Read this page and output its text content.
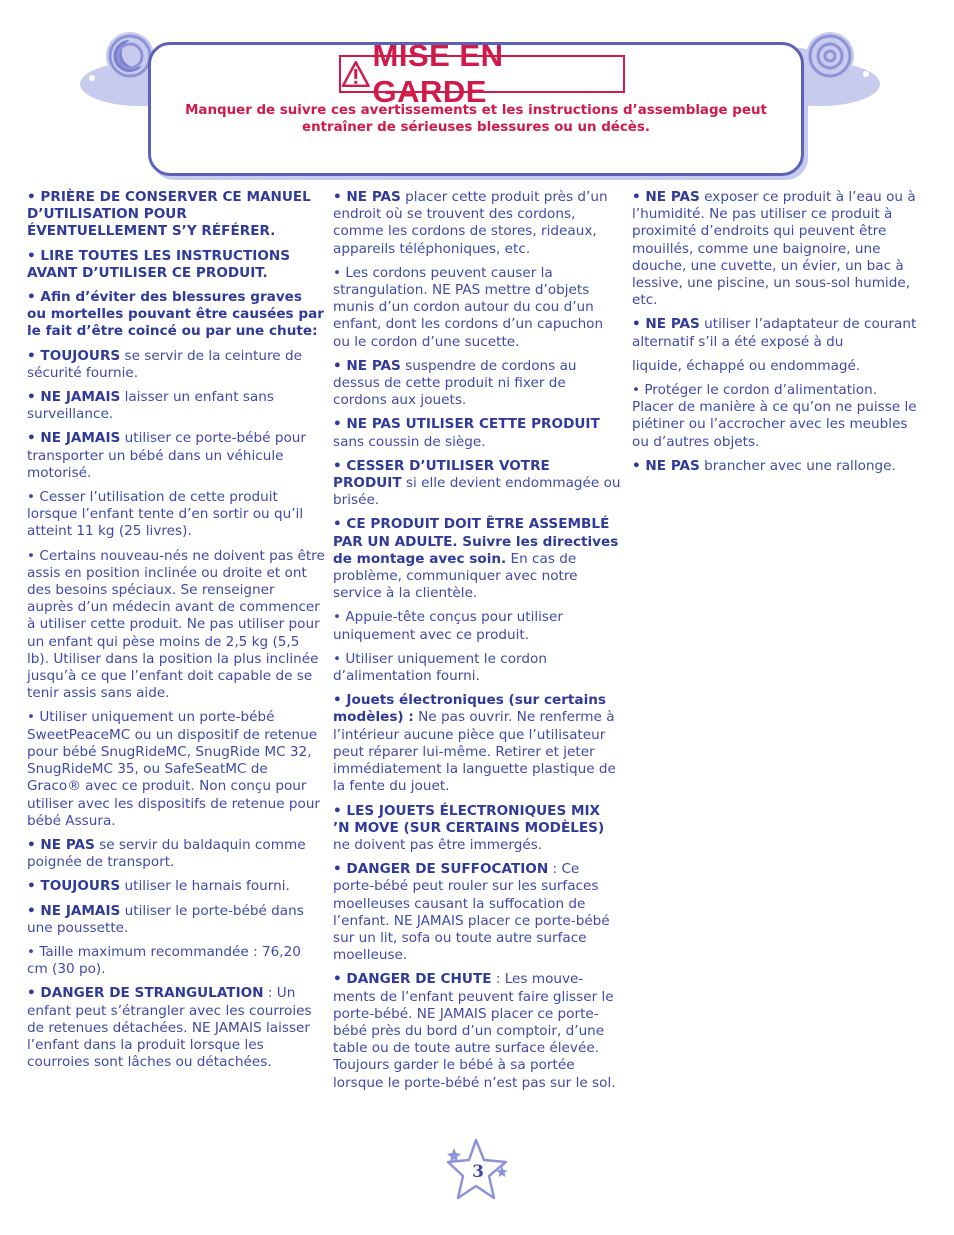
MISE EN GARDE
Manquer de suivre ces avertissements et les instructions d’assemblage peut
entraîner de sérieuses blessures ou un décès.
• PRIÈRE DE CONSERVER CE MANUEL D’UTILISATION POUR ÉVENTUELLEMENT S’Y RÉFÉRER.
• LIRE TOUTES LES INSTRUCTIONS AVANT D’UTILISER CE PRODUIT.
• Afin d’éviter des blessures graves ou mortelles pouvant être causées par le fait d’être coincé ou par une chute:
• TOUJOURS se servir de la ceinture de sécurité fournie.
• NE JAMAIS laisser un enfant sans surveillance.
• NE JAMAIS utiliser ce porte-bébé pour transporter un bébé dans un véhicule motorisé.
• Cesser l’utilisation de cette produit lorsque l’enfant tente d’en sortir ou qu’il atteint 11 kg (25 livres).
• Certains nouveau-nés ne doivent pas être assis en position inclinée ou droite et ont des besoins spéciaux. Se renseigner auprès d’un médecin avant de commencer à utiliser cette produit. Ne pas utiliser pour un enfant qui pèse moins de 2,5 kg (5,5 lb). Utiliser dans la position la plus inclinée jusqu’à ce que l’enfant doit capable de se tenir assis sans aide.
• Utiliser uniquement un porte-bébé SweetPeaceMC ou un dispositif de retenue pour bébé SnugRideMC, SnugRide MC 32, SnugRideMC 35, ou SafeSeatMC de Graco® avec ce produit. Non conçu pour utiliser avec les dispositifs de retenue pour bébé Assura.
• NE PAS se servir du baldaquin comme poignée de transport.
• TOUJOURS utiliser le harnais fourni.
• NE JAMAIS utiliser le porte-bébé dans une poussette.
• Taille maximum recommandée : 76,20 cm (30 po).
• DANGER DE STRANGULATION : Un enfant peut s’étrangler avec les courroies de retenues détachées. NE JAMAIS laisser l’enfant dans la produit lorsque les courroies sont lâches ou détachées.
• NE PAS placer cette produit près d’un endroit où se trouvent des cordons, comme les cordons de stores, rideaux, appareils téléphoniques, etc.
• Les cordons peuvent causer la strangulation. NE PAS mettre d’objets munis d’un cordon autour du cou d’un enfant, dont les cordons d’un capuchon ou le cordon d’une sucette.
• NE PAS suspendre de cordons au dessus de cette produit ni fixer de cordons aux jouets.
• NE PAS UTILISER CETTE PRODUIT sans coussin de siège.
• CESSER D’UTILISER VOTRE PRODUIT si elle devient endommagée ou brisée.
• CE PRODUIT DOIT ÊTRE ASSEMBLÉ PAR UN ADULTE. Suivre les directives de montage avec soin. En cas de problème, communiquer avec notre service à la clientèle.
• Appuie-tête conçus pour utiliser uniquement avec ce produit.
• Utiliser uniquement le cordon d’alimentation fourni.
• Jouets électroniques (sur certains modèles) : Ne pas ouvrir. Ne renferme à l’intérieur aucune pièce que l’utilisateur peut réparer lui-même. Retirer et jeter immédiatement la languette plastique de la fente du jouet.
• LES JOUETS ÉLECTRONIQUES MIX ’N MOVE (SUR CERTAINS MODÈLES) ne doivent pas être immergés.
• DANGER DE SUFFOCATION : Ce porte-bébé peut rouler sur les surfaces moelleuses causant la suffocation de l’enfant. NE JAMAIS placer ce porte-bébé sur un lit, sofa ou toute autre surface moelleuse.
• DANGER DE CHUTE : Les mouve-ments de l’enfant peuvent faire glisser le porte-bébé. NE JAMAIS placer ce porte-bébé près du bord d’un comptoir, d’une table ou de toute autre surface élevée. Toujours garder le bébé à sa portée lorsque le porte-bébé n’est pas sur le sol.
• NE PAS exposer ce produit à l’eau ou à l’humidité. Ne pas utiliser ce produit à proximité d’endroits qui peuvent être mouillés, comme une baignoire, une douche, une cuvette, un évier, un bac à lessive, une piscine, un sous-sol humide, etc.
• NE PAS utiliser l’adaptateur de courant alternatif s’il a été exposé à du
liquide, échappé ou endommagé.
• Protéger le cordon d’alimentation. Placer de manière à ce qu’on ne puisse le piétiner ou l’accrocher avec les meubles ou d’autres objets.
• NE PAS brancher avec une rallonge.
3
